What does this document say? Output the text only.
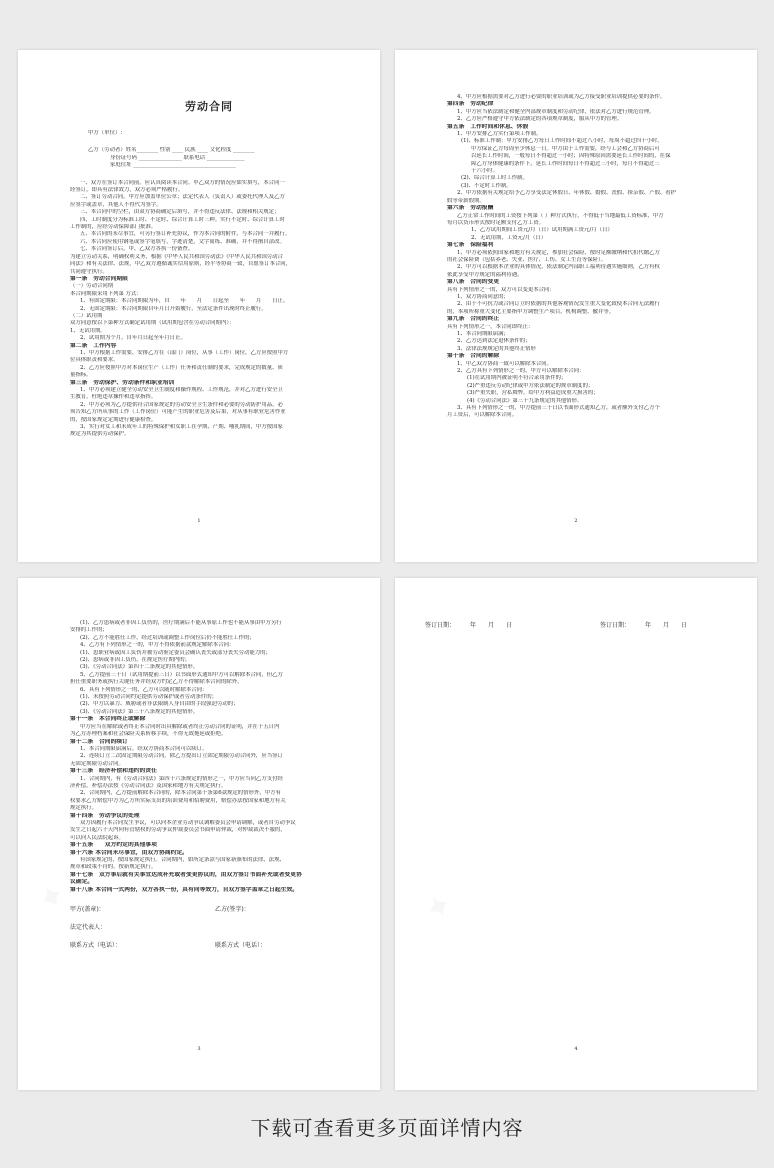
劳动合同
甲方（单位）:
乙方（劳动者）姓名________ 性别 ____ 民族 ____ 文化程度 ________
身份证号码 ________________ 联系电话 ______________
家庭住址 ______________________________________
一、双方在签订本合同前，应认真阅读本合同。甲乙双方的情况应如实填写，本合同一
经签订，即具有法律效力，双方必须严格履行。
二、签订劳动合同，甲方应加盖单位公章；法定代表人（负责人）或委托代理人及乙方
应签字或盖章，其他人不得代为签字。
三、本合同中的空栏，由双方协商确定后填写，并不得违反法律、法规和相关规定；
四、工时制度分为标准工时、不定时、综合计算工时三种。实行不定时、综合计算工时
工作制的，应经劳动保障部门批准。
五、本合同的未尽事宜，可另行签订补充协议，作为本合同的附件，与本合同一并履行。
六、本合同应使用钢笔或签字笔填写，字迹清楚，文字简练、准确，并不得擅自涂改。
七、本合同签订后，甲、乙双方各执一份备查。
为建立劳动关系，明确权利义务，根据《中华人民共和国劳动法》《中华人民共和国劳动合
同法》和有关法律、法规，甲乙双方遵循诚实信用原则，经平等协商一致，自愿签订本合同，
共同遵守执行。
第一条　劳动合同期限
（一）劳动合同期
本合同期限采用下列第 方式：
1、有固定期限：本合同期限为年，自　　年　　月　　日起至　　年　　月　　日止。
2、无固定期限：本合同期限自年月日开始履行，至法定条件出现时终止履行。
（二）试用期
双方同意按以下第种方式确定试用期（试用期包含在劳动合同期内）：
1、无试用期。
2、试用期为个月，自年月日起至年月日止。
第二条　工作内容
1、甲方根据工作需要，安排乙方在（部门）岗位，从事（工作）岗位，乙方应按照甲方
位具体职责和要求。
2、乙方应按照甲方对本岗位生产（工作）任务和责任制的要求，完成规定的数量、质
量指标。
第三条　劳动保护、劳动条件和职业培训
1、甲方必须建立健全劳动安全卫生制度和操作规程、工作规范，并对乙方进行安全卫
生教育，杜绝违章操作和违章指挥。
2、甲方必须为乙方提供符合国家规定的劳动安全卫生条件和必要的劳动防护用品，必
须告知乙方所从事的工作（工作岗位）可能产生的职业危害及后果，对从事有职业危害作业
的，按国家规定定期进行健康检查。
3、实行对女工和未成年工的特殊保护和女职工在孕期、产期、哺乳期间，甲方按国家
规定为其提供劳动保护。
1
4、甲方应根据需要对乙方进行必要的职业培训或为乙方接受职业培训提供必要的条件。
第四条　劳动纪律
1、甲方应当依法制定和健全内部规章制度和劳动纪律，依法对乙方进行规范管理。
2、乙方应严格遵守甲方依法制定的各项规章制度，服从甲方的管理。
第五条　工作时间和休息、休假
1、甲方安排乙方实行第项工作制。
(1)、标准工作制：甲方安排乙方每日工作时间不超过八小时，每周不超过四十小时。
甲方保证乙方每周至少休息一日。甲方由于工作需要，经与工会和乙方协商后可
以延长工作时间，一般每日不得超过一小时；因特殊原因需要延长工作时间的，在保
障乙方身体健康的条件下，延长工作时间每日不得超过三小时，每月不得超过三
十六小时。
(2)、综合计算工时工作制。
(3)、不定时工作制。
2、甲方依据有关规定给予乙方享受法定休假日、年休假、婚假、丧假、探亲假、产假、看护
假等带薪假期。
第六条　劳动报酬
乙方正常工作时间的工资按下列第（ ）种方式执行，不得低于当地最低工资标准，甲方
每月以货币形式按时足额支付乙方工资。
1、乙方试用期间工资元/月（日）试用期满工资元/月（日）
2、无试用期，工资元/月（日）
第七条　保险福利
1、甲方必须依照国家和地方有关规定，参加社会保险，按时足额缴纳和代扣代缴乙方
的社会保险费（包括养老、失业、医疗、工伤、女工生育等保险）。
2、甲方可以根据本企业的具体情况，依法制定内部职工福利待遇实施细则，乙方有权
依此享受甲方规定的福利待遇。
第八条　合同的变更
具有下列情形之一的，双方可以变更本合同：
1、双方协商同意的；
2、由于不可抗力或合同订立时依据的其他客观情况发生重大变化致使本合同无法履行
的，本项所称重大变化主要指甲方调整生产项目，机构调整、撤并等。
第九条　合同的终止
具有下列情形之一，本合同即终止：
1、本合同期限届满；
2、乙方达到法定退休条件的；
3、法律法规规定的其他终止情形
第十条　合同的解除
1、甲乙双方协商一致可以解除本合同。
2、乙方具有下列情形之一的，甲方可以解除本合同：
(1)在试用期内被证明不符合录用条件的；
(2)严重违反劳动纪律或甲方依法制定的规章制度的；
(3)严重失职，营私舞弊，给甲方利益造成重大损害的；
(4)《劳动合同法》第三十九条规定的其他情形。
3、具有下列情形之一的，甲方提前三十日以书面形式通知乙方，或者额外支付乙方个
月工资后，可以解除本合同。
2
(1)、乙方患病或者非因工负伤的，医疗期满后不能从事原工作也不能从事由甲方另行
安排的工作的；
(2)、乙方不能胜任工作，经过培训或调整工作岗位后仍不能胜任工作的；
4、乙方有下列情形之一的，甲方不得依据前款规定解除本合同：
(1)、患职业病或因工负伤并被劳动鉴定委员会确认丧失或部分丧失劳动能力的；
(2)、患病或非因工负伤，在规定医疗期内的；
(3)、《劳动合同法》第四十二条规定的其他情形。
5、乙方提前三十日（试用期提前三日）以书面形式通知甲方可以解除本合同，但乙方
担任重要职务或执行关键任务并经双方约定乙方不得解除本合同的除外。
6、具有下列情形之一的，乙方可以随时解除本合同：
(1)、未按照劳动合同约定提供劳动保护或者劳动条件的；
(2)、甲方以暴力、威胁或者非法限制人身自由的手段强迫劳动的；
(3)、《劳动合同法》第三十八条规定的其他情形。
第十一条　本合同终止或解除
甲方应当在解除或者终止本合同时出具解除或者终止劳动合同的证明，并在十五日内
为乙方办理档案和社会保险关系转移手续，不得无故拖延或拒绝。
第十二条　合同的续订
1、本合同期限届满后，经双方协商本合同可以续订。
2、连续订立二次固定期限劳动合同，除乙方提出订立固定期限劳动合同外，应当签订
无固定期限劳动合同。
第十三条　经济补偿和违约的责任
1、合同期内，有《劳动合同法》第四十六条规定的情形之一，甲方应当向乙方支付经
济补偿，补偿办法按《劳动合同法》及国家和地方有关规定执行。
2、合同期内，乙方提前解除本合同的，除本合同第十条第6款规定的情形外，甲方有
权要求乙方赔偿甲方为乙方所实际支出的培训费用和招聘费用，赔偿办法按国家和地方有关
规定执行。
第十四条　劳动争议的处理
双方因履行本合同发生争议，可以向本企业劳动争议调解委员会申请调解，或者自劳动争议
发生之日起六十天内向有管辖权的劳动争议仲裁委员会书面申请仲裁，对仲裁裁决不服的，
可以向人民法院起诉。
第十五条　　双方约定的其他事项
第十六条 本合同未尽事宜，由双方协商约定。
有国家规定的，按国家规定执行。合同期内，如所定条款与国家新颁布的法律、法规、
规章和政策不符的，按新规定执行。
第十七条　双方事后就有关事宜达成补充或者变更协议的，由双方签订书面补充或者变更协
议确定。
第十八条 本合同一式两份，双方各执一份，具有同等效力，自双方签字盖章之日起生效。
甲方(盖章)：	乙方(签字)：
法定代表人：
联系方式（电话）：	联系方式（电话）：
3
签订日期：　　　年　　月　　日	签订日期：　　　年　　月　　日
4
下载可查看更多页面详情内容
